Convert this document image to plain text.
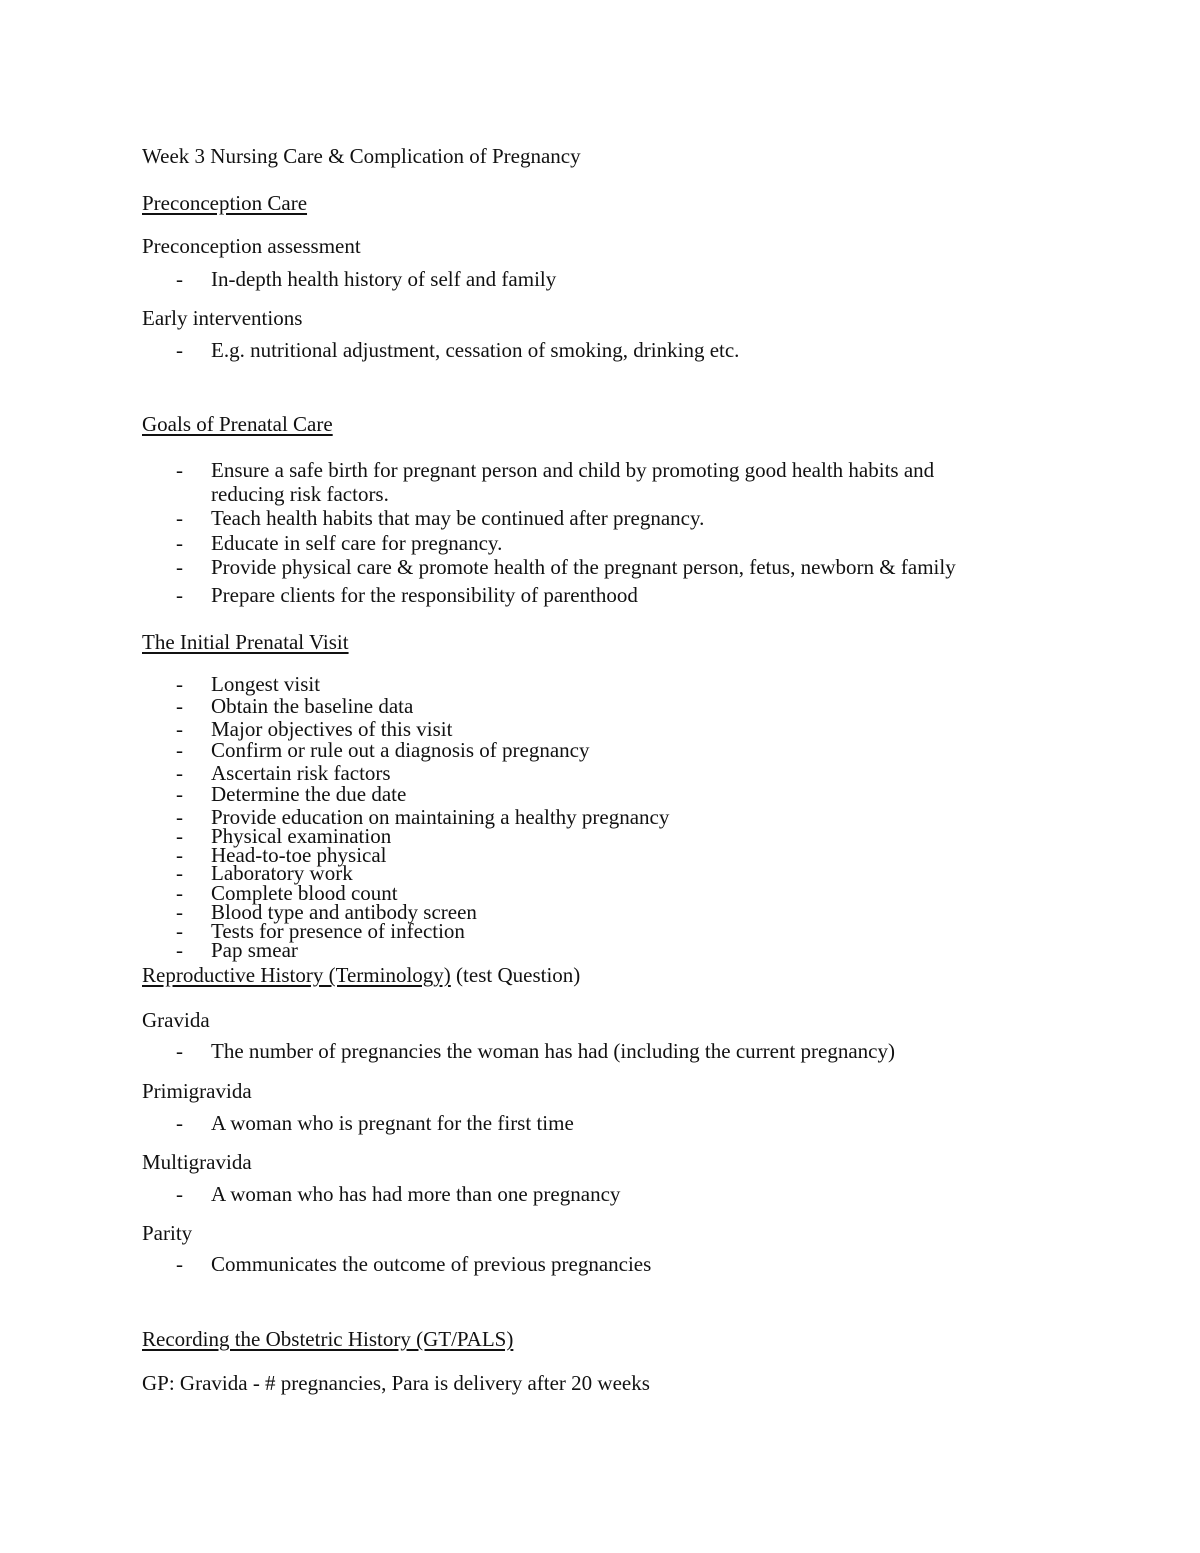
Week 3 Nursing Care & Complication of Pregnancy
Preconception Care
Preconception assessment
- In-depth health history of self and family
Early interventions
- E.g. nutritional adjustment, cessation of smoking, drinking etc.
Goals of Prenatal Care
- Ensure a safe birth for pregnant person and child by promoting good health habits and
reducing risk factors.
- Teach health habits that may be continued after pregnancy.
- Educate in self care for pregnancy.
- Provide physical care & promote health of the pregnant person, fetus, newborn & family
- Prepare clients for the responsibility of parenthood
The Initial Prenatal Visit
- Longest visit
- Obtain the baseline data
- Major objectives of this visit
- Confirm or rule out a diagnosis of pregnancy
- Ascertain risk factors
- Determine the due date
- Provide education on maintaining a healthy pregnancy
- Physical examination
- Head-to-toe physical
- Laboratory work
- Complete blood count
- Blood type and antibody screen
- Tests for presence of infection
- Pap smear
Reproductive History (Terminology) (test Question)
Gravida
- The number of pregnancies the woman has had (including the current pregnancy)
Primigravida
- A woman who is pregnant for the first time
Multigravida
- A woman who has had more than one pregnancy
Parity
- Communicates the outcome of previous pregnancies
Recording the Obstetric History (GT/PALS)
GP: Gravida - # pregnancies, Para is delivery after 20 weeks
